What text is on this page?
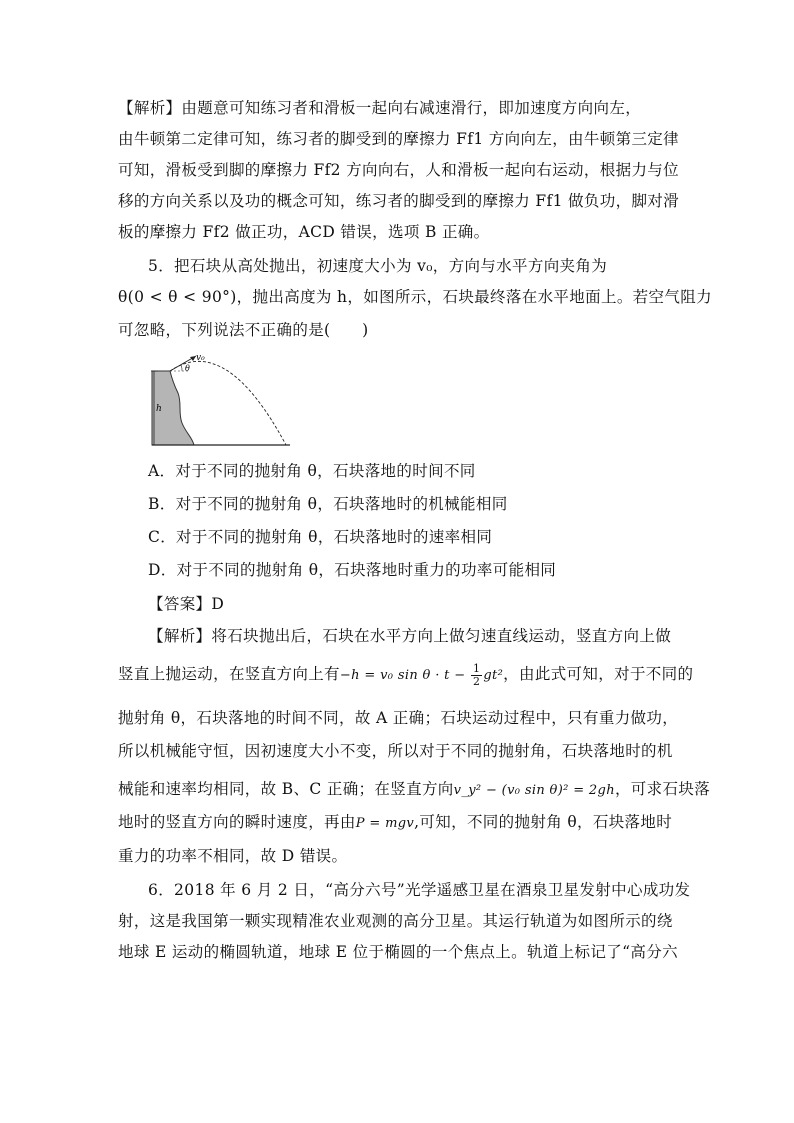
【解析】由题意可知练习者和滑板一起向右减速滑行，即加速度方向向左，
由牛顿第二定律可知，练习者的脚受到的摩擦力 Ff1 方向向左，由牛顿第三定律
可知，滑板受到脚的摩擦力 Ff2 方向向右，人和滑板一起向右运动，根据力与位
移的方向关系以及功的概念可知，练习者的脚受到的摩擦力 Ff1 做负功，脚对滑
板的摩擦力 Ff2 做正功，ACD 错误，选项 B 正确。
5．把石块从高处抛出，初速度大小为 v₀，方向与水平方向夹角为
θ(0 < θ < 90°)，抛出高度为 h，如图所示，石块最终落在水平地面上。若空气阻力
可忽略，下列说法不正确的是(　　)
v₀
θ
h
A．对于不同的抛射角 θ，石块落地的时间不同
B．对于不同的抛射角 θ，石块落地时的机械能相同
C．对于不同的抛射角 θ，石块落地时的速率相同
D．对于不同的抛射角 θ，石块落地时重力的功率可能相同
【答案】D
【解析】将石块抛出后，石块在水平方向上做匀速直线运动，竖直方向上做
竖直上抛运动，在竖直方向上有−h = v₀ $\sin \theta \cdot t - \frac{1}{2} gt^2$，由此式可知，对于不同的
抛射角 θ，石块落地的时间不同，故 A 正确；石块运动过程中，只有重力做功，
所以机械能守恒，因初速度大小不变，所以对于不同的抛射角，石块落地时的机
械能和速率均相同，故 B、C 正确；在竖直方向v_y² − (v₀ sin θ)² = 2gh，可求石块落
地时的竖直方向的瞬时速度，再由P = mgv,可知，不同的抛射角 θ，石块落地时
重力的功率不相同，故 D 错误。
6．2018 年 6 月 2 日，“高分六号”光学遥感卫星在酒泉卫星发射中心成功发
射，这是我国第一颗实现精准农业观测的高分卫星。其运行轨道为如图所示的绕
地球 E 运动的椭圆轨道，地球 E 位于椭圆的一个焦点上。轨道上标记了“高分六
